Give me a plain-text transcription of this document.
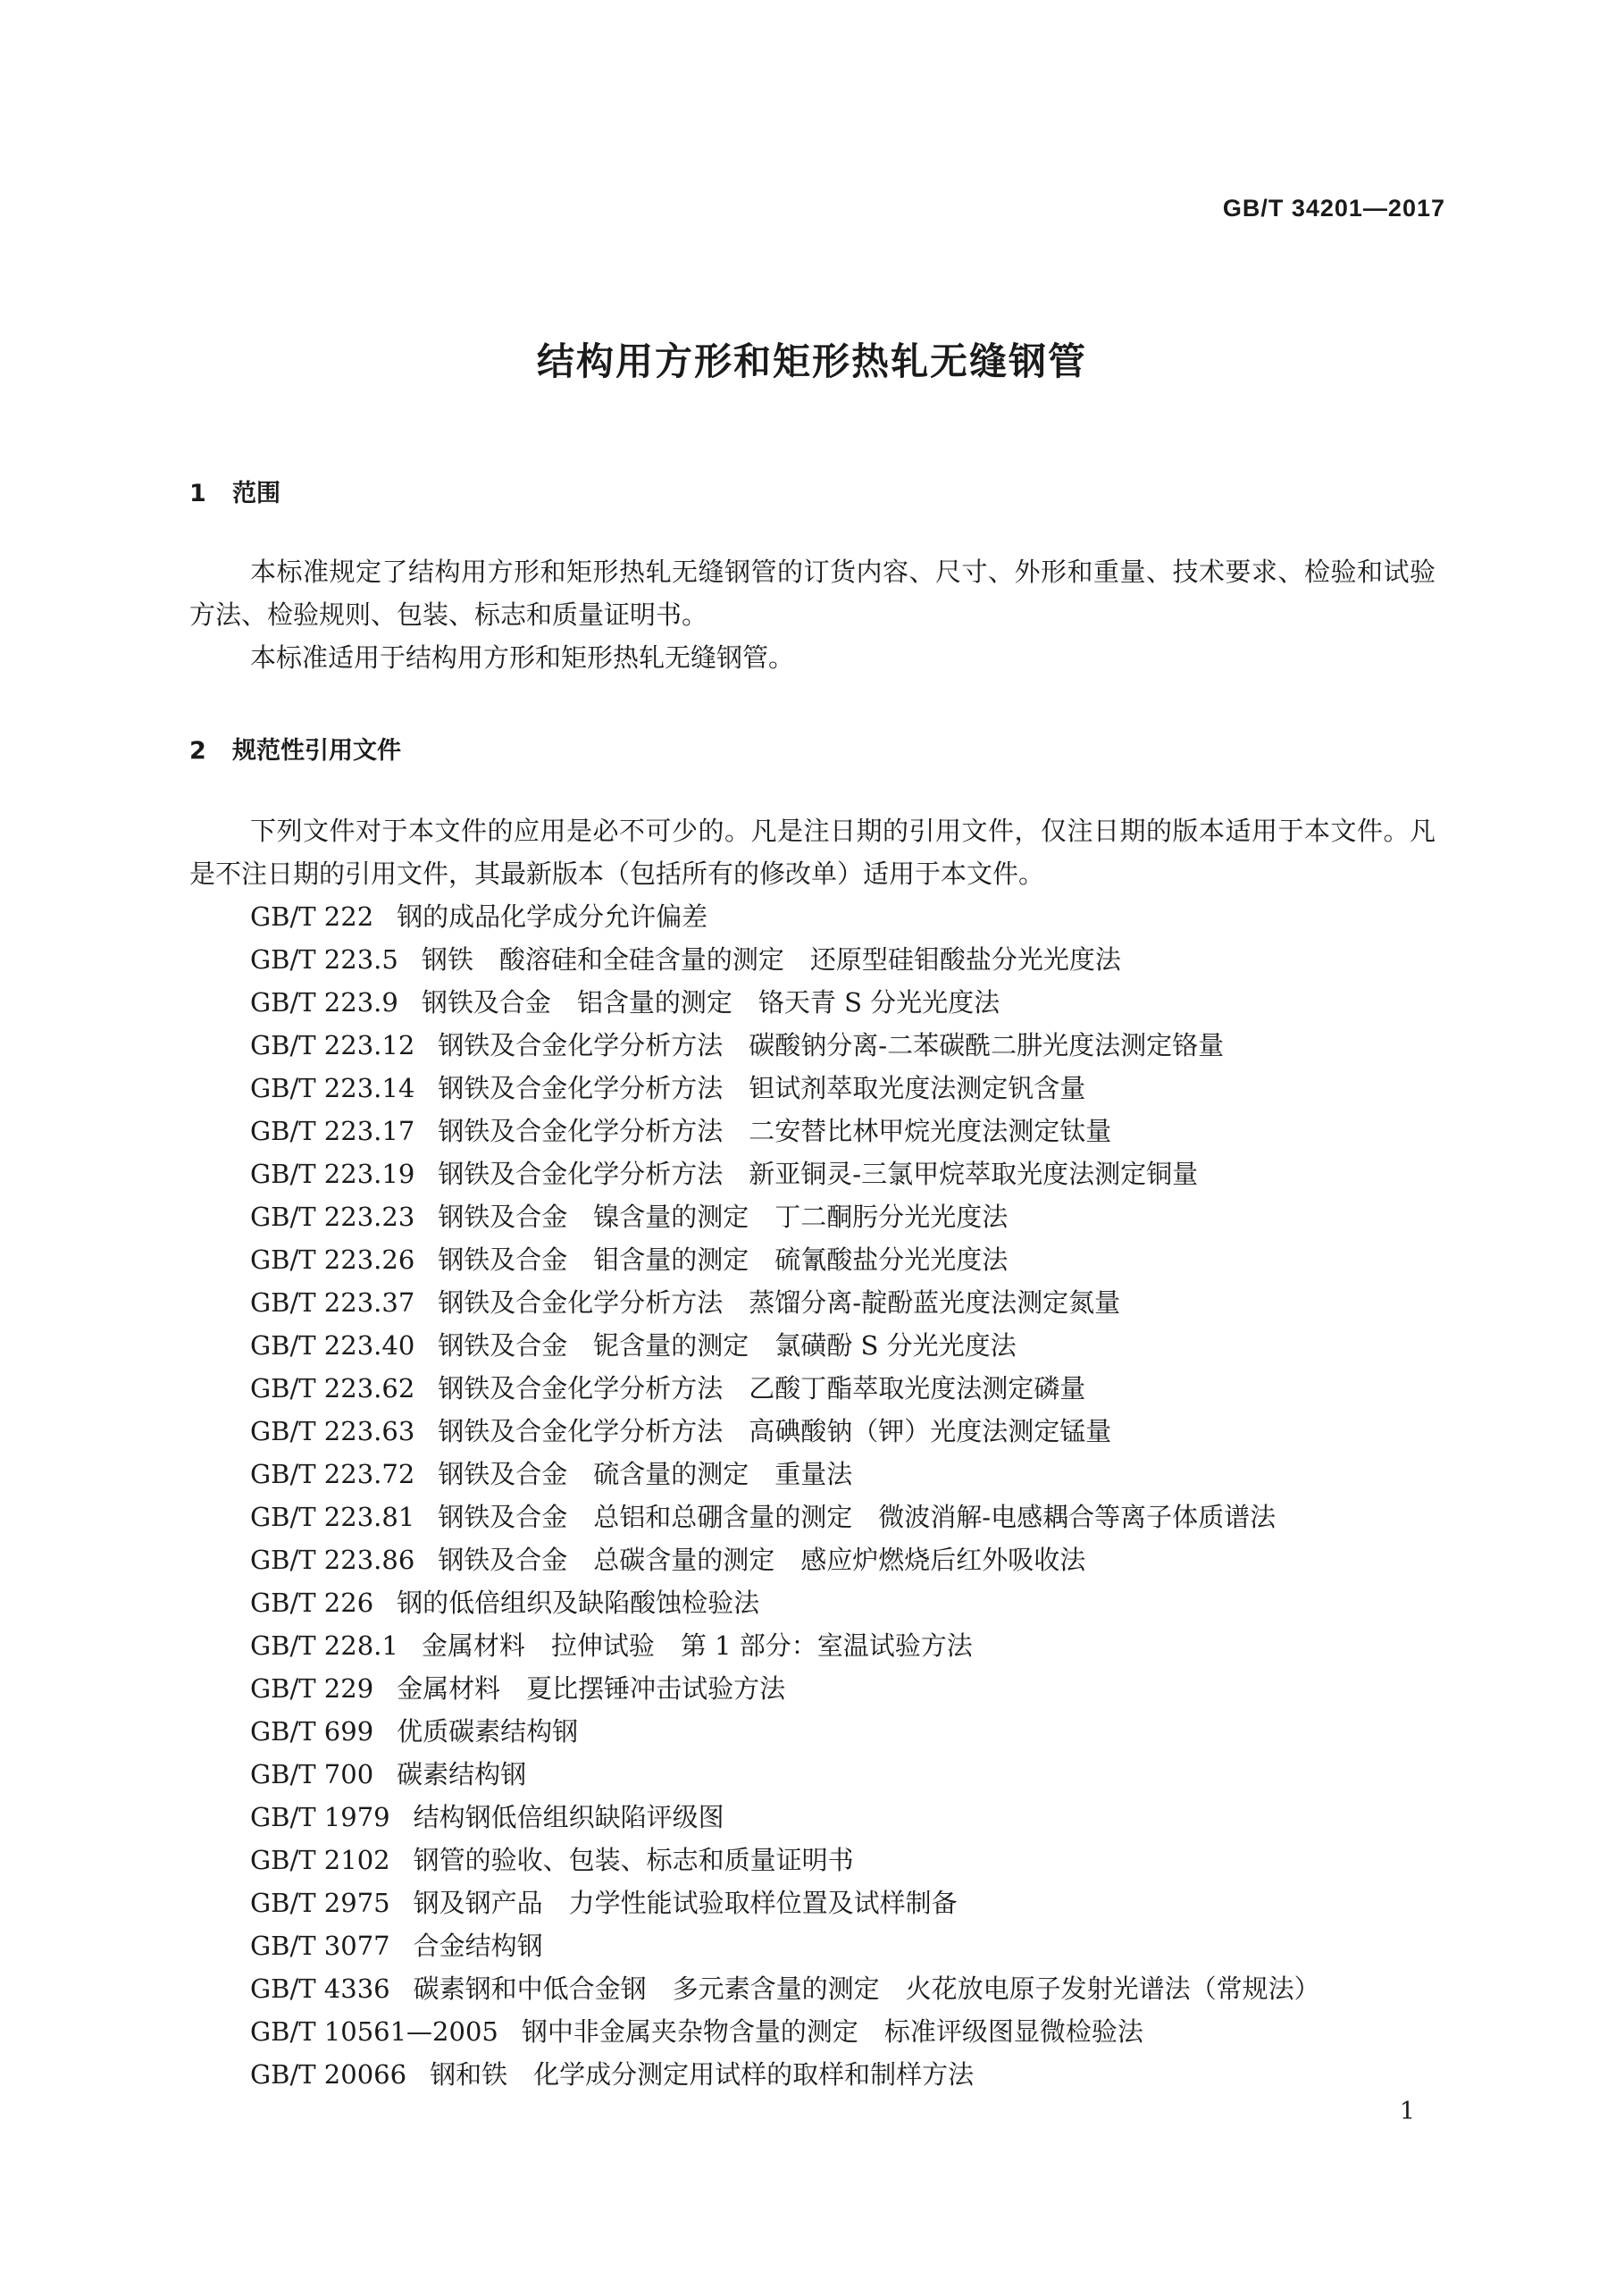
GB/T 34201—2017
结构用方形和矩形热轧无缝钢管
1 范围

本标准规定了结构用方形和矩形热轧无缝钢管的订货内容、尺寸、外形和重量、技术要求、检验和试验方法、检验规则、包装、标志和质量证明书。

本标准适用于结构用方形和矩形热轧无缝钢管。

2 规范性引用文件

下列文件对于本文件的应用是必不可少的。凡是注日期的引用文件，仅注日期的版本适用于本文件。凡是不注日期的引用文件，其最新版本（包括所有的修改单）适用于本文件。

GB/T 222 钢的成品化学成分允许偏差
GB/T 223.5 钢铁　酸溶硅和全硅含量的测定　还原型硅钼酸盐分光光度法
GB/T 223.9 钢铁及合金　铝含量的测定　铬天青 S 分光光度法
GB/T 223.12 钢铁及合金化学分析方法　碳酸钠分离-二苯碳酰二肼光度法测定铬量
GB/T 223.14 钢铁及合金化学分析方法　钽试剂萃取光度法测定钒含量
GB/T 223.17 钢铁及合金化学分析方法　二安替比林甲烷光度法测定钛量
GB/T 223.19 钢铁及合金化学分析方法　新亚铜灵-三氯甲烷萃取光度法测定铜量
GB/T 223.23 钢铁及合金　镍含量的测定　丁二酮肟分光光度法
GB/T 223.26 钢铁及合金　钼含量的测定　硫氰酸盐分光光度法
GB/T 223.37 钢铁及合金化学分析方法　蒸馏分离-靛酚蓝光度法测定氮量
GB/T 223.40 钢铁及合金　铌含量的测定　氯磺酚 S 分光光度法
GB/T 223.62 钢铁及合金化学分析方法　乙酸丁酯萃取光度法测定磷量
GB/T 223.63 钢铁及合金化学分析方法　高碘酸钠（钾）光度法测定锰量
GB/T 223.72 钢铁及合金　硫含量的测定　重量法
GB/T 223.81 钢铁及合金　总铝和总硼含量的测定　微波消解-电感耦合等离子体质谱法
GB/T 223.86 钢铁及合金　总碳含量的测定　感应炉燃烧后红外吸收法
GB/T 226 钢的低倍组织及缺陷酸蚀检验法
GB/T 228.1 金属材料　拉伸试验　第 1 部分：室温试验方法
GB/T 229 金属材料　夏比摆锤冲击试验方法
GB/T 699 优质碳素结构钢
GB/T 700 碳素结构钢
GB/T 1979 结构钢低倍组织缺陷评级图
GB/T 2102 钢管的验收、包装、标志和质量证明书
GB/T 2975 钢及钢产品　力学性能试验取样位置及试样制备
GB/T 3077 合金结构钢
GB/T 4336 碳素钢和中低合金钢　多元素含量的测定　火花放电原子发射光谱法（常规法）
GB/T 10561—2005 钢中非金属夹杂物含量的测定　标准评级图显微检验法
GB/T 20066 钢和铁　化学成分测定用试样的取样和制样方法
1
